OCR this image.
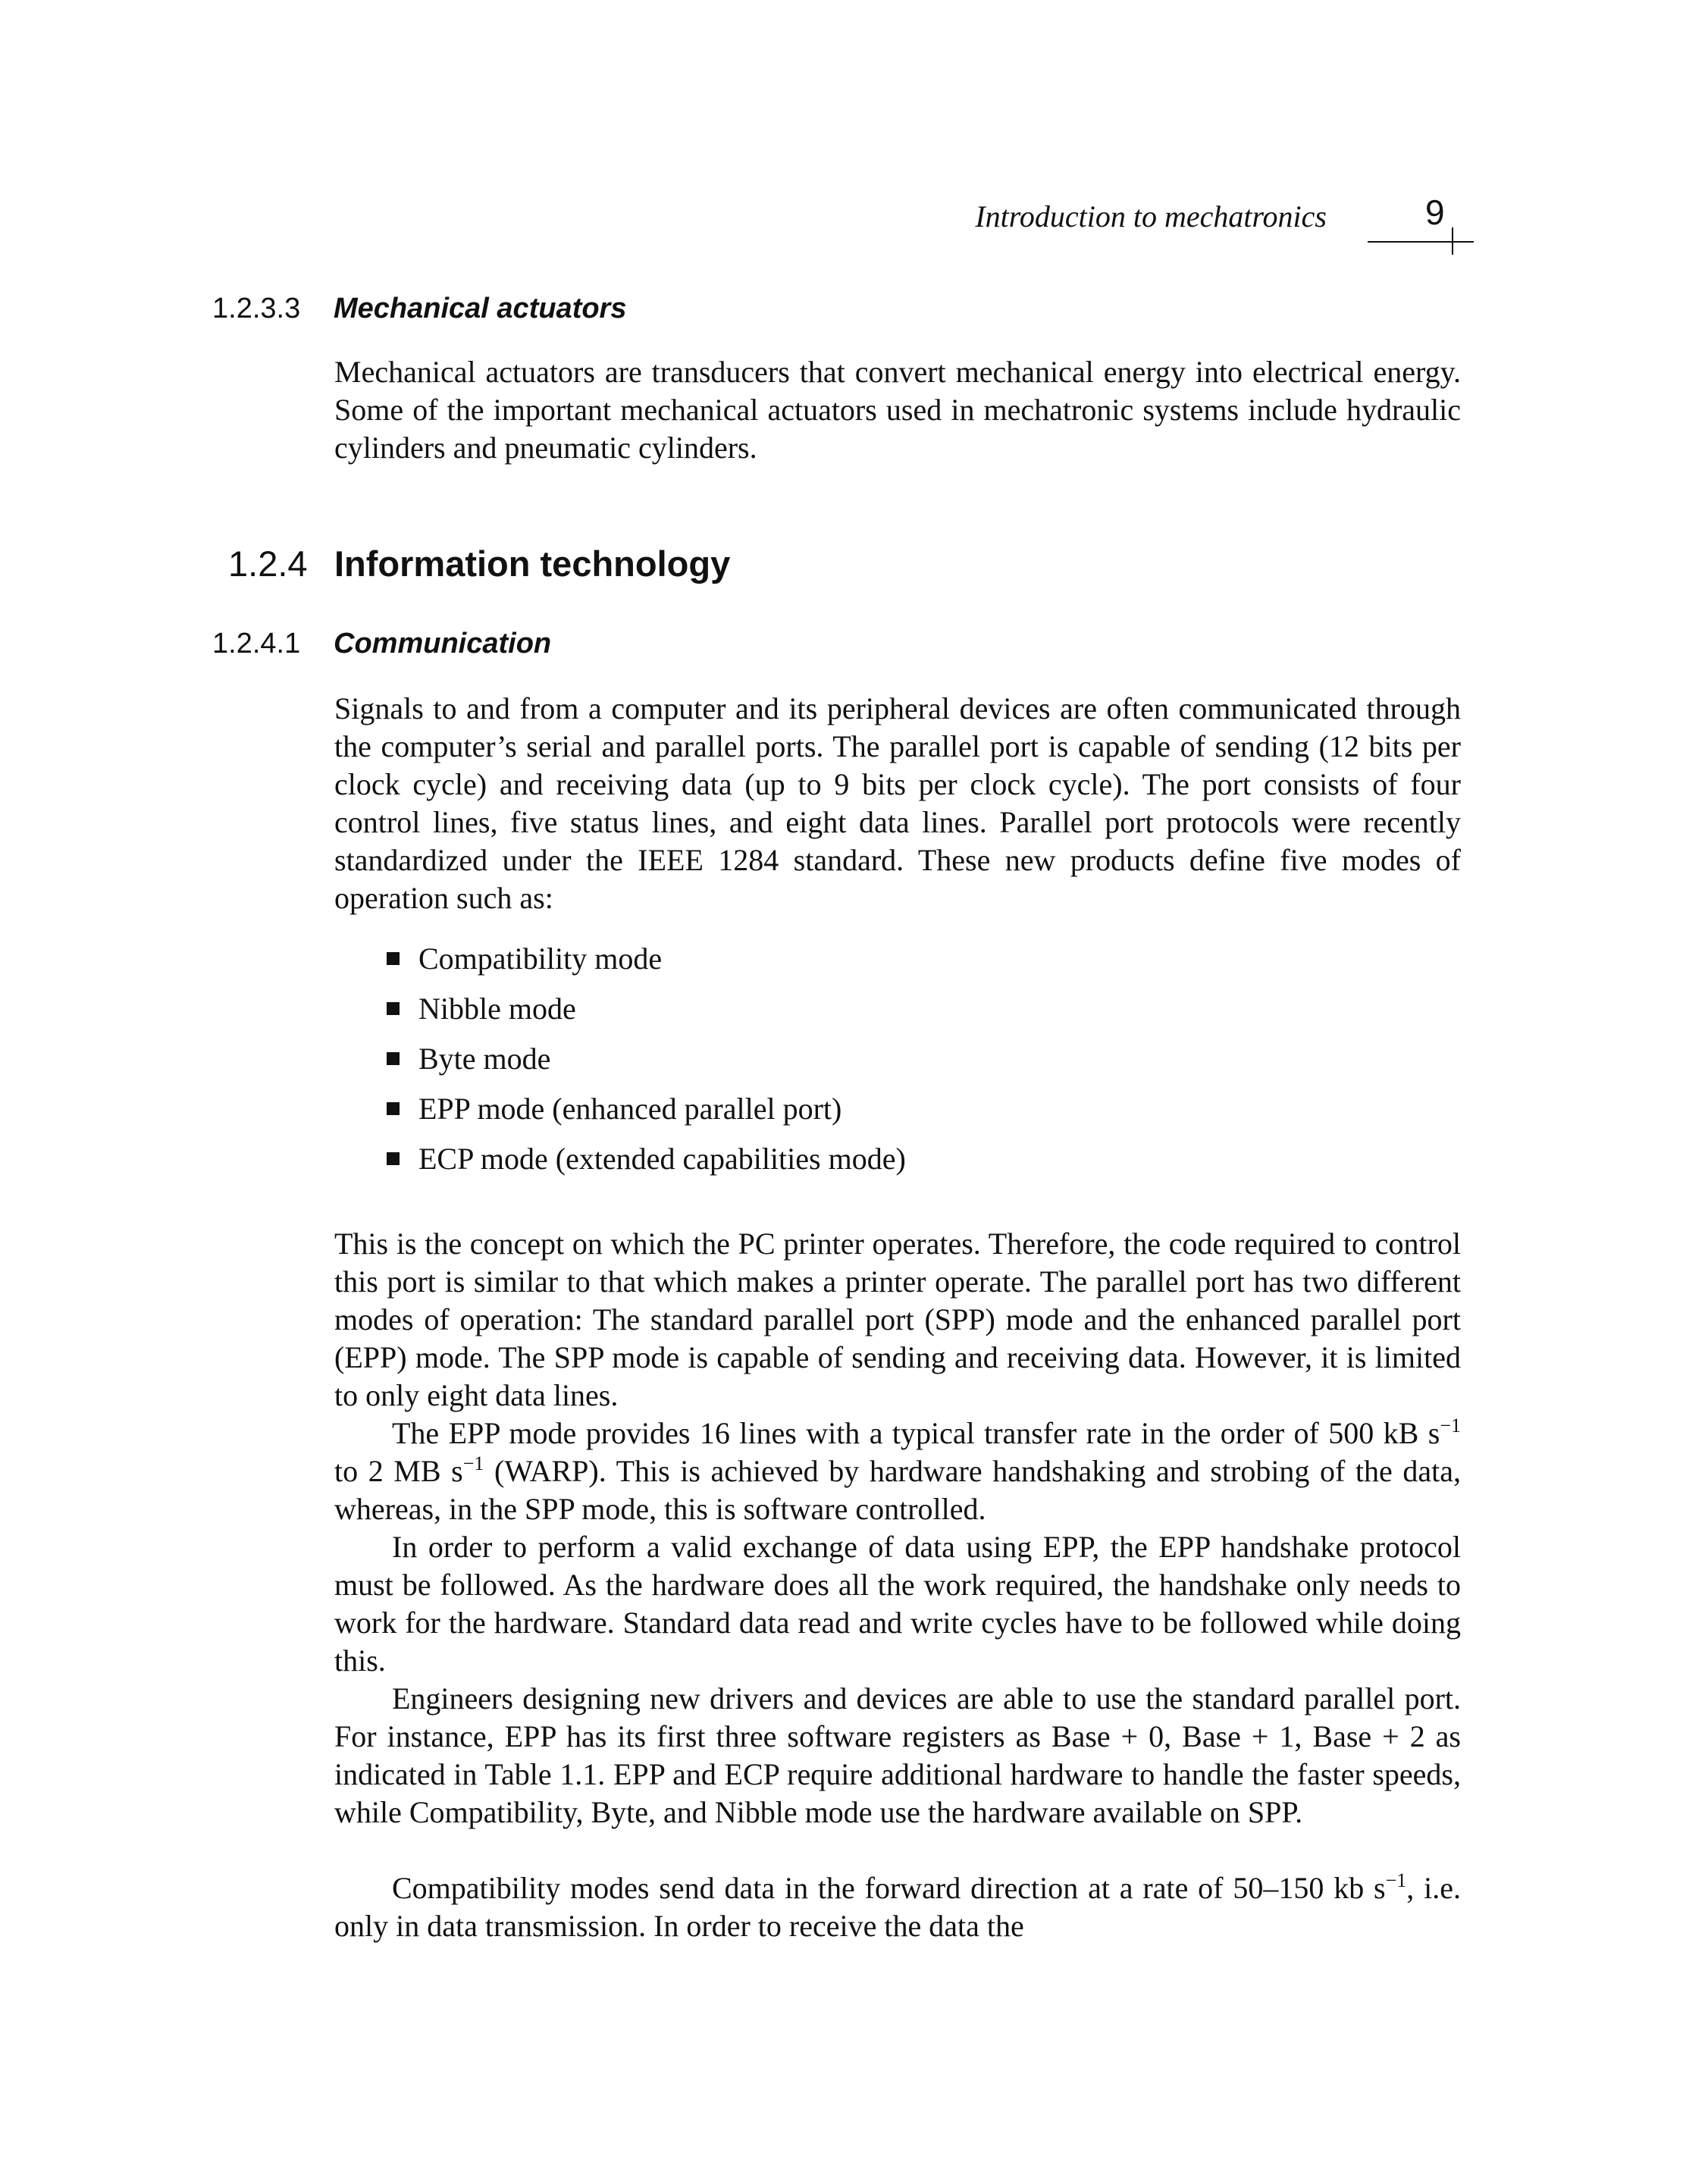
Introduction to mechatronics	9
1.2.3.3 Mechanical actuators

Mechanical actuators are transducers that convert mechanical energy into electrical energy. Some of the important mechanical actuators used in mechatronic systems include hydraulic cylinders and pneumatic cylinders.

1.2.4 Information technology
1.2.4.1 Communication

Signals to and from a computer and its peripheral devices are often communicated through the computer’s serial and parallel ports. The parallel port is capable of sending (12 bits per clock cycle) and receiving data (up to 9 bits per clock cycle). The port consists of four control lines, five status lines, and eight data lines. Parallel port protocols were recently standardized under the IEEE 1284 standard. These new products define five modes of operation such as:

Compatibility mode
Nibble mode
Byte mode
EPP mode (enhanced parallel port)
ECP mode (extended capabilities mode)

This is the concept on which the PC printer operates. Therefore, the code required to control this port is similar to that which makes a printer operate. The parallel port has two different modes of operation: The standard parallel port (SPP) mode and the enhanced parallel port (EPP) mode. The SPP mode is capable of sending and receiving data. However, it is limited to only eight data lines.

The EPP mode provides 16 lines with a typical transfer rate in the order of 500 kB $s^{-1}$ to 2 MB $s^{-1}$ (WARP). This is achieved by hardware handshaking and strobing of the data, whereas, in the SPP mode, this is software controlled.

In order to perform a valid exchange of data using EPP, the EPP handshake protocol must be followed. As the hardware does all the work required, the handshake only needs to work for the hardware. Standard data read and write cycles have to be followed while doing this.

Engineers designing new drivers and devices are able to use the standard parallel port. For instance, EPP has its first three software registers as Base + 0, Base + 1, Base + 2 as indicated in Table 1.1. EPP and ECP require additional hardware to handle the faster speeds, while Compatibility, Byte, and Nibble mode use the hardware available on SPP.

Compatibility modes send data in the forward direction at a rate of 50–150 kb $s^{-1}$, i.e. only in data transmission. In order to receive the data the
